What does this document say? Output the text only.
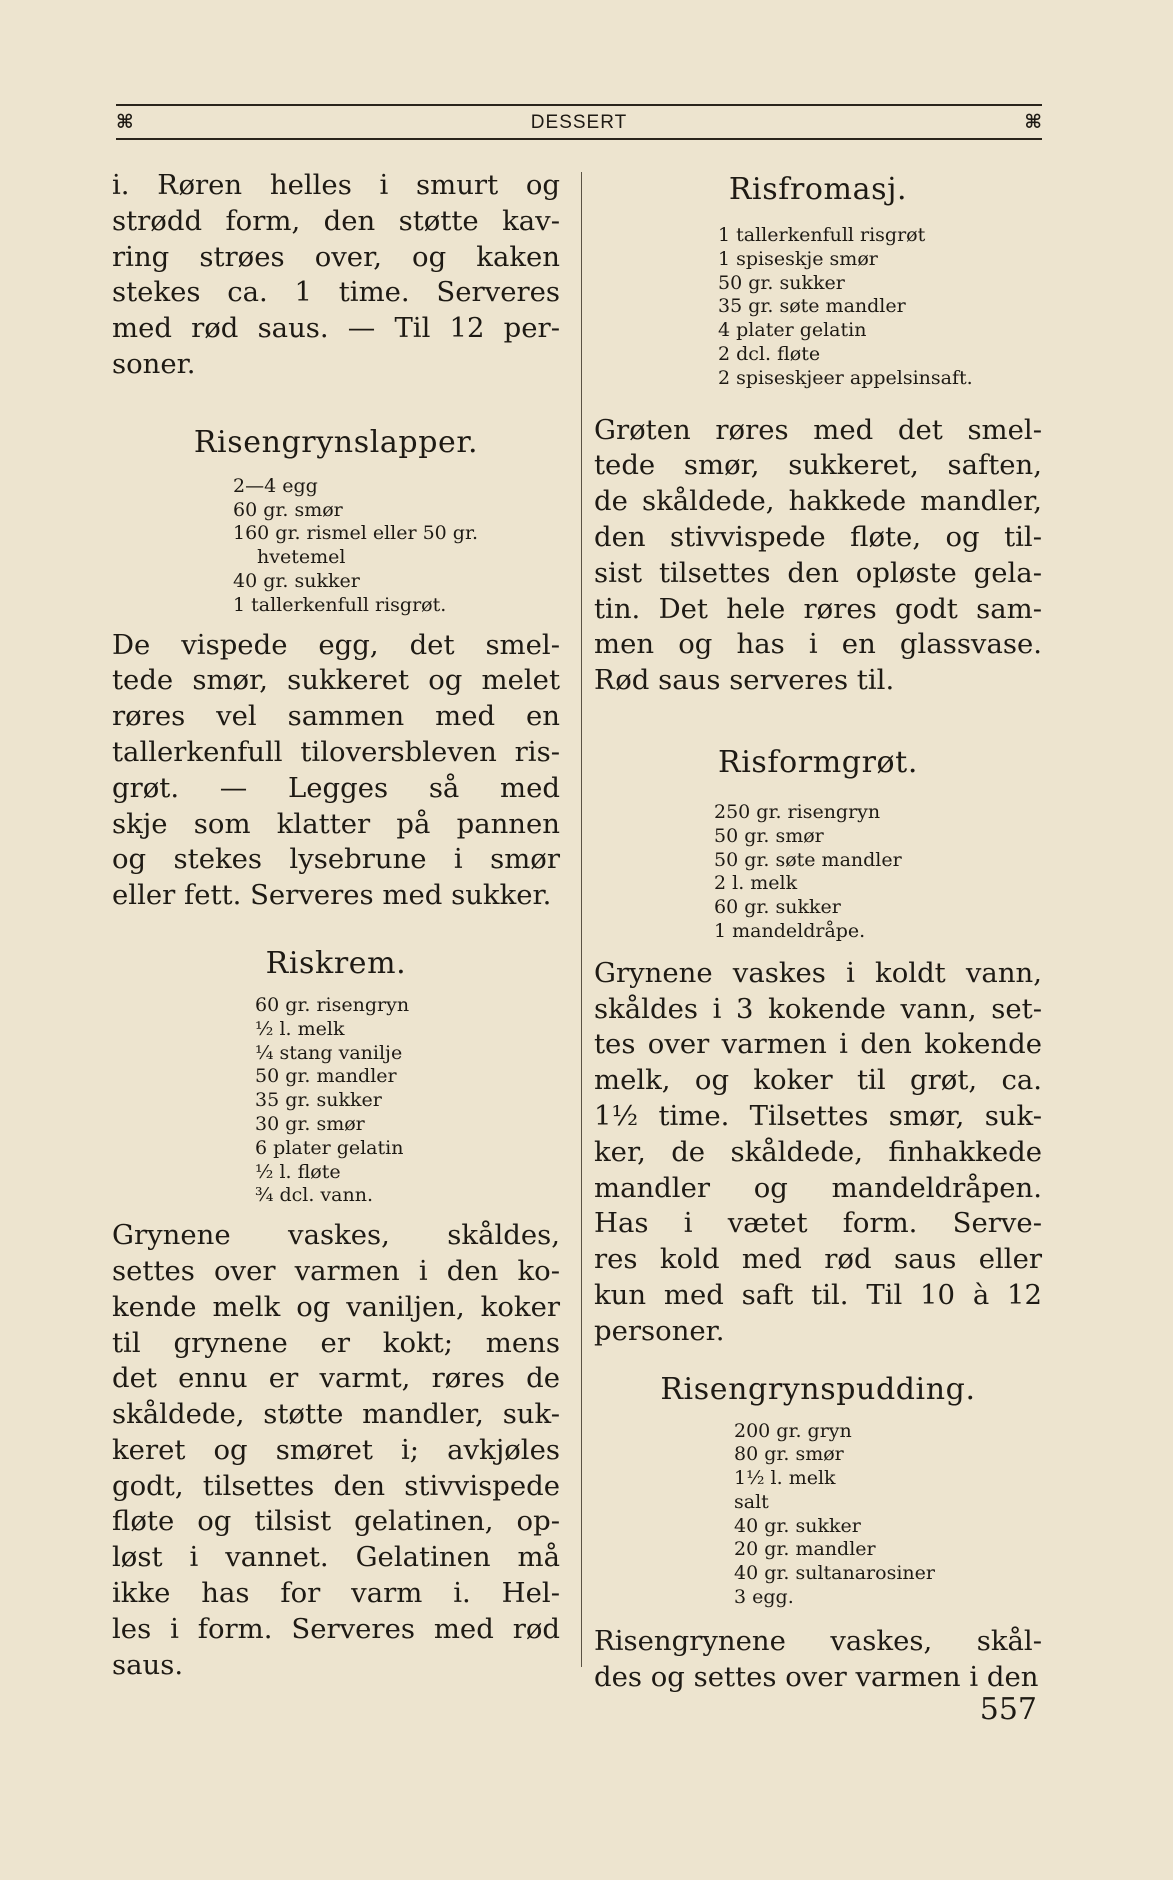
⌘	DESSERT	⌘
i. Røren helles i smurt og
strødd form, den støtte kav-
ring strøes over, og kaken
stekes ca. 1 time. Serveres
med rød saus. — Til 12 per-
soner.
Risengrynslapper.
2—4 egg
60 gr. smør
160 gr. rismel eller 50 gr.
hvetemel
40 gr. sukker
1 tallerkenfull risgrøt.
De vispede egg, det smel-
tede smør, sukkeret og melet
røres vel sammen med en
tallerkenfull tiloversbleven ris-
grøt. — Legges så med
skje som klatter på pannen
og stekes lysebrune i smør
eller fett. Serveres med sukker.
Riskrem.
60 gr. risengryn
½ l. melk
¼ stang vanilje
50 gr. mandler
35 gr. sukker
30 gr. smør
6 plater gelatin
½ l. fløte
¾ dcl. vann.
Grynene vaskes, skåldes,
settes over varmen i den ko-
kende melk og vaniljen, koker
til grynene er kokt; mens
det ennu er varmt, røres de
skåldede, støtte mandler, suk-
keret og smøret i; avkjøles
godt, tilsettes den stivvispede
fløte og tilsist gelatinen, op-
løst i vannet. Gelatinen må
ikke has for varm i. Hel-
les i form. Serveres med rød
saus.
Risfromasj.
1 tallerkenfull risgrøt
1 spiseskje smør
50 gr. sukker
35 gr. søte mandler
4 plater gelatin
2 dcl. fløte
2 spiseskjeer appelsinsaft.
Grøten røres med det smel-
tede smør, sukkeret, saften,
de skåldede, hakkede mandler,
den stivvispede fløte, og til-
sist tilsettes den opløste gela-
tin. Det hele røres godt sam-
men og has i en glassvase.
Rød saus serveres til.
Risformgrøt.
250 gr. risengryn
50 gr. smør
50 gr. søte mandler
2 l. melk
60 gr. sukker
1 mandeldråpe.
Grynene vaskes i koldt vann,
skåldes i 3 kokende vann, set-
tes over varmen i den kokende
melk, og koker til grøt, ca.
1½ time. Tilsettes smør, suk-
ker, de skåldede, finhakkede
mandler og mandeldråpen.
Has i vætet form. Serve-
res kold med rød saus eller
kun med saft til. Til 10 à 12
personer.
Risengrynspudding.
200 gr. gryn
80 gr. smør
1½ l. melk
salt
40 gr. sukker
20 gr. mandler
40 gr. sultanarosiner
3 egg.
Risengrynene vaskes, skål-
des og settes over varmen i den
557
